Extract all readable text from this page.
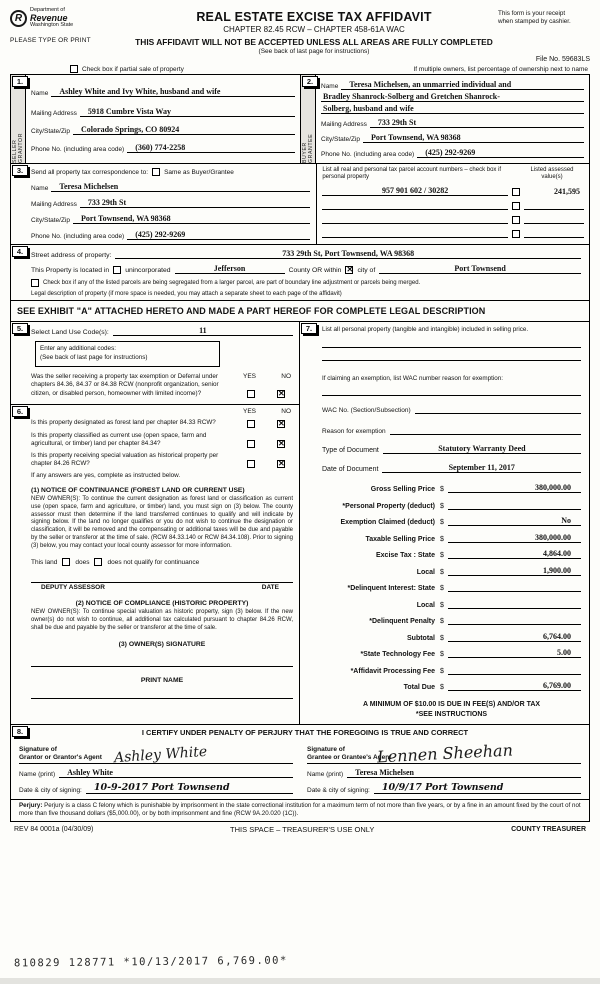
R
Department of
Revenue
Washington State
PLEASE TYPE OR PRINT
REAL ESTATE EXCISE TAX AFFIDAVIT
CHAPTER 82.45 RCW – CHAPTER 458-61A WAC
THIS AFFIDAVIT WILL NOT BE ACCEPTED UNLESS ALL AREAS ARE FULLY COMPLETED
(See back of last page for instructions)
This form is your receipt
when stamped by cashier.
File No. 59683LS
Check box if partial sale of property	If multiple owners, list percentage of ownership next to name
1.
SELLER GRANTOR
Name	Ashley White and Ivy White, husband and wife
Mailing Address	5918 Cumbre Vista Way
City/State/Zip	Colorado Springs, CO 80924
Phone No. (including area code)	(360) 774-2258
2.
BUYER GRANTEE
Name	Teresa Michelsen, an unmarried individual and
Bradley Shanrock-Solberg and Gretchen Shanrock-
Solberg, husband and wife
Mailing Address	733 29th St
City/State/Zip	Port Townsend, WA 98368
Phone No. (including area code)	(425) 292-9269
3.	Send all property tax correspondence to: Same as Buyer/Grantee
Name	Teresa Michelsen
Mailing Address	733 29th St
City/State/Zip	Port Townsend, WA 98368
Phone No. (including area code)	(425) 292-9269
List all real and personal tax parcel account numbers – check box if personal property
Listed assessed value(s)
957 901 602 / 30282	241,595
4.	Street address of property:	733 29th St, Port Townsend, WA 98368
This Property is located in unincorporated	Jefferson	County OR within ✕ city of	Port Townsend
Check box if any of the listed parcels are being segregated from a larger parcel, are part of boundary line adjustment or parcels being merged.
Legal description of property (if more space is needed, you may attach a separate sheet to each page of the affidavit)
SEE EXHIBIT "A" ATTACHED HERETO AND MADE A PART HEREOF FOR COMPLETE LEGAL DESCRIPTION
5.	Select Land Use Code(s):	11
Enter any additional codes:
(See back of last page for instructions)
Was the seller receiving a property tax exemption or Deferral under chapters 84.36, 84.37 or 84.38 RCW (nonprofit organization, senior citizen, or disabled person, homeowner with limited income)?
YES	NO
✕
6.	YES	NO
Is this property designated as forest land per chapter 84.33 RCW?	✕
Is this property classified as current use (open space, farm and agricultural, or timber) land per chapter 84.34?	✕
Is this property receiving special valuation as historical property per chapter 84.26 RCW?	✕
If any answers are yes, complete as instructed below.
(1) NOTICE OF CONTINUANCE (FOREST LAND OR CURRENT USE)
NEW OWNER(S): To continue the current designation as forest land or classification as current use (open space, farm and agriculture, or timber) land, you must sign on (3) below. The county assessor must then determine if the land transferred continues to qualify and will indicate by signing below. If the land no longer qualifies or you do not wish to continue the designation or classification, it will be removed and the compensating or additional taxes will be due and payable by the seller or transferor at the time of sale. (RCW 84.33.140 or RCW 84.34.108). Prior to signing (3) below, you may contact your local county assessor for more information.
This land	does	does not qualify for continuance
DEPUTY ASSESSOR	DATE
(2) NOTICE OF COMPLIANCE (HISTORIC PROPERTY)
NEW OWNER(S): To continue special valuation as historic property, sign (3) below. If the new owner(s) do not wish to continue, all additional tax calculated pursuant to chapter 84.26 RCW, shall be due and payable by the seller or transferor at the time of sale.
(3) OWNER(S) SIGNATURE
PRINT NAME
7.	List all personal property (tangible and intangible) included in selling price.
If claiming an exemption, list WAC number reason for exemption:
WAC No. (Section/Subsection)
Reason for exemption
Type of Document	Statutory Warranty Deed
Date of Document	September 11, 2017
Gross Selling Price $	380,000.00
*Personal Property (deduct) $
Exemption Claimed (deduct) $	No
Taxable Selling Price $	380,000.00
Excise Tax : State $	4,864.00
Local $	1,900.00
*Delinquent Interest: State $
Local $
*Delinquent Penalty $
Subtotal $	6,764.00
*State Technology Fee $	5.00
*Affidavit Processing Fee $
Total Due $	6,769.00
A MINIMUM OF $10.00 IS DUE IN FEE(S) AND/OR TAX
*SEE INSTRUCTIONS
8.	I CERTIFY UNDER PENALTY OF PERJURY THAT THE FOREGOING IS TRUE AND CORRECT
Signature of
Grantor or Grantor's Agent Ashley White
Name (print)	Ashley White
Date & city of signing:	10-9-2017 Port Townsend
Signature of
Grantee or Grantee's Agent
Lennen Sheehan
Name (print)	Teresa Michelsen
Date & city of signing:	10/9/17 Port Townsend
Perjury: Perjury is a class C felony which is punishable by imprisonment in the state correctional institution for a maximum term of not more than five years, or by a fine in an amount fixed by the court of not more than five thousand dollars ($5,000.00), or by both imprisonment and fine (RCW 9A.20.020 (1C)).
REV 84 0001a (04/30/09)	THIS SPACE – TREASURER'S USE ONLY	COUNTY TREASURER
810829 128771 *10/13/2017 6,769.00*
